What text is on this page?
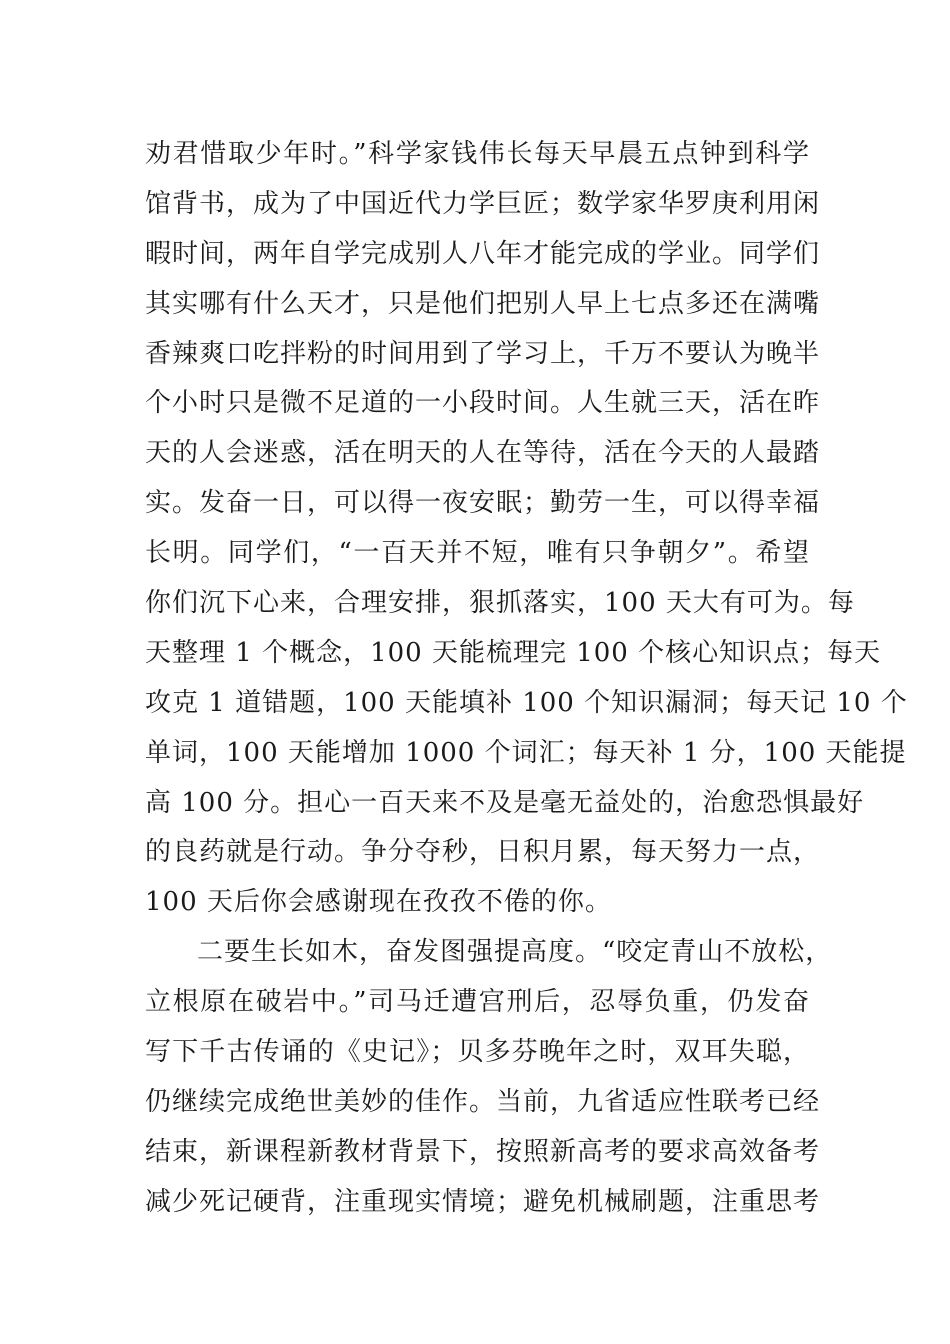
劝君惜取少年时。”科学家钱伟长每天早晨五点钟到科学
馆背书，成为了中国近代力学巨匠；数学家华罗庚利用闲
暇时间，两年自学完成别人八年才能完成的学业。同学们
其实哪有什么天才，只是他们把别人早上七点多还在满嘴
香辣爽口吃拌粉的时间用到了学习上，千万不要认为晚半
个小时只是微不足道的一小段时间。人生就三天，活在昨
天的人会迷惑，活在明天的人在等待，活在今天的人最踏
实。发奋一日，可以得一夜安眠；勤劳一生，可以得幸福
长明。同学们，“一百天并不短，唯有只争朝夕”。希望
你们沉下心来，合理安排，狠抓落实，100 天大有可为。每
天整理 1 个概念，100 天能梳理完 100 个核心知识点；每天
攻克 1 道错题，100 天能填补 100 个知识漏洞；每天记 10 个
单词，100 天能增加 1000 个词汇；每天补 1 分，100 天能提
高 100 分。担心一百天来不及是毫无益处的，治愈恐惧最好
的良药就是行动。争分夺秒，日积月累，每天努力一点，
100 天后你会感谢现在孜孜不倦的你。
二要生长如木，奋发图强提高度。“咬定青山不放松，
立根原在破岩中。”司马迁遭宫刑后，忍辱负重，仍发奋
写下千古传诵的《史记》；贝多芬晚年之时，双耳失聪，
仍继续完成绝世美妙的佳作。当前，九省适应性联考已经
结束，新课程新教材背景下，按照新高考的要求高效备考
减少死记硬背，注重现实情境；避免机械刷题，注重思考
